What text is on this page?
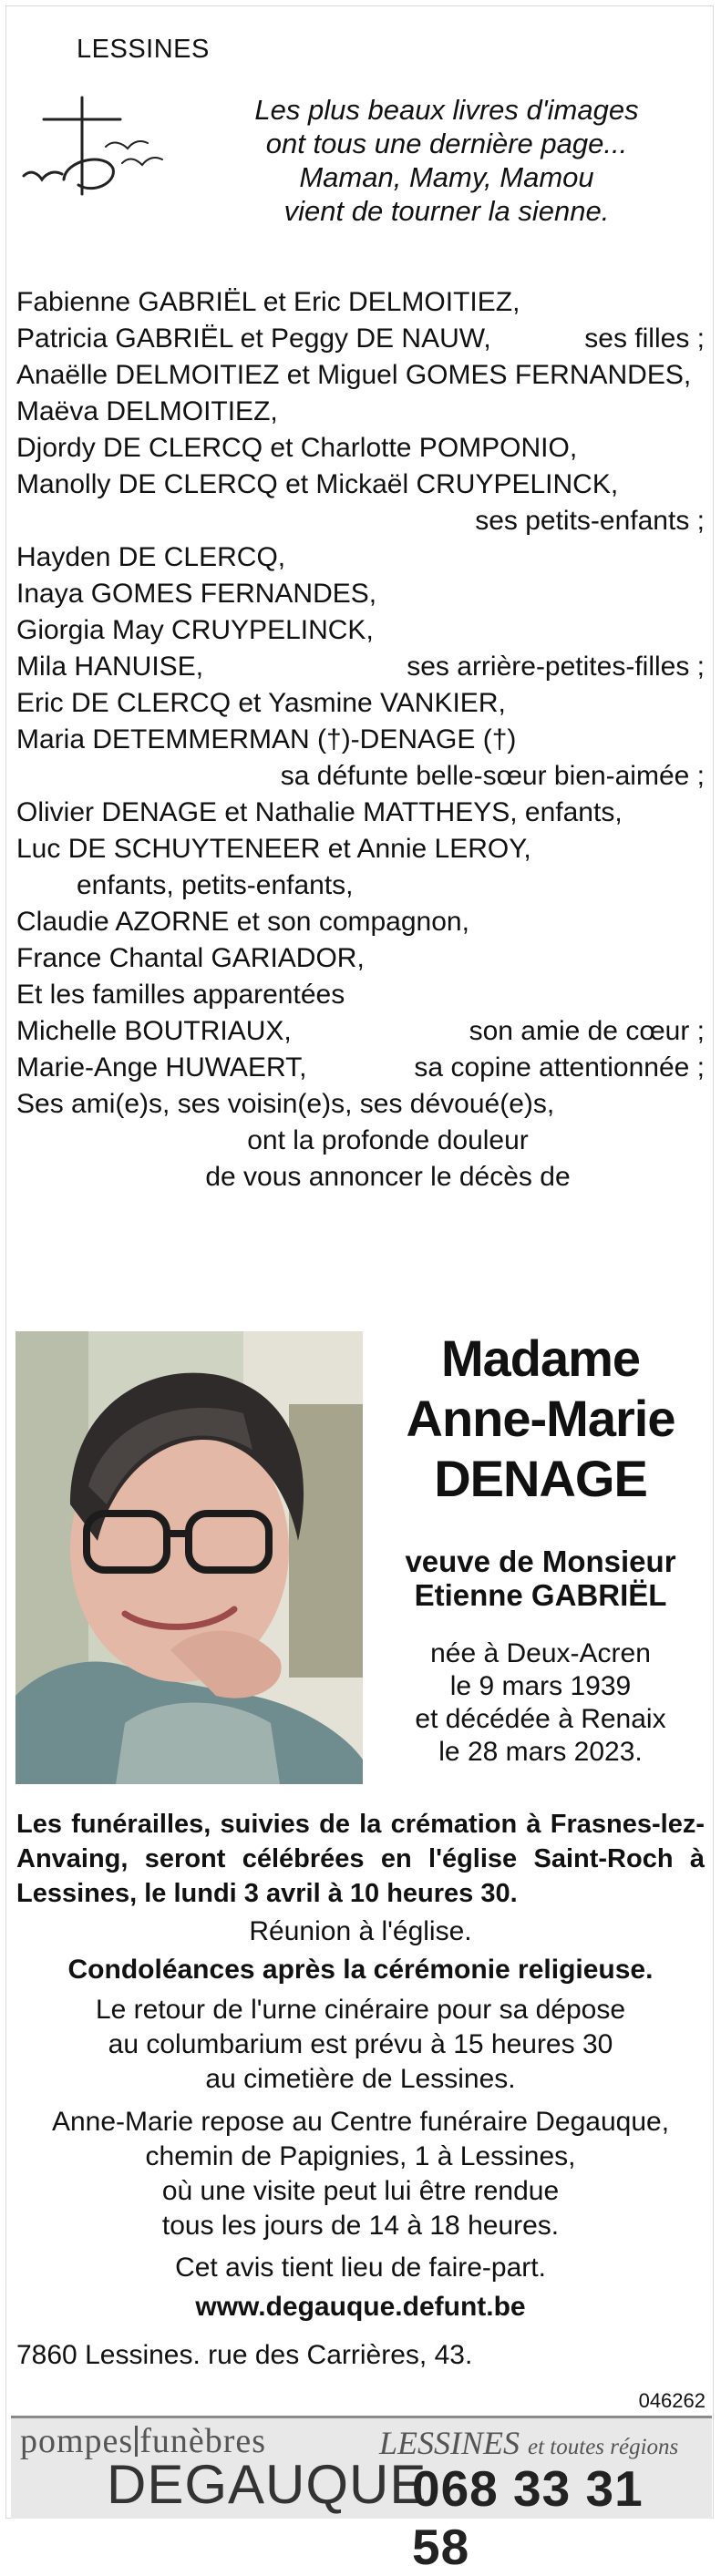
LESSINES
Les plus beaux livres d'images
ont tous une dernière page...
Maman, Mamy, Mamou
vient de tourner la sienne.
Fabienne GABRIËL et Eric DELMOITIEZ,
Patricia GABRIËL et Peggy DE NAUW,	ses filles ;
Anaëlle DELMOITIEZ et Miguel GOMES FERNANDES,
Maëva DELMOITIEZ,
Djordy DE CLERCQ et Charlotte POMPONIO,
Manolly DE CLERCQ et Mickaël CRUYPELINCK,
ses petits-enfants ;
Hayden DE CLERCQ,
Inaya GOMES FERNANDES,
Giorgia May CRUYPELINCK,
Mila HANUISE,	ses arrière-petites-filles ;
Eric DE CLERCQ et Yasmine VANKIER,
Maria DETEMMERMAN (†)-DENAGE (†)
sa défunte belle-sœur bien-aimée ;
Olivier DENAGE et Nathalie MATTHEYS, enfants,
Luc DE SCHUYTENEER et Annie LEROY,
enfants, petits-enfants,
Claudie AZORNE et son compagnon,
France Chantal GARIADOR,
Et les familles apparentées
Michelle BOUTRIAUX,	son amie de cœur ;
Marie-Ange HUWAERT,	sa copine attentionnée ;
Ses ami(e)s, ses voisin(e)s, ses dévoué(e)s,
ont la profonde douleur
de vous annoncer le décès de
Madame
Anne-Marie
DENAGE
veuve de Monsieur
Etienne GABRIËL
née à Deux-Acren
le 9 mars 1939
et décédée à Renaix
le 28 mars 2023.
Les funérailles, suivies de la crémation à Frasnes-lez-Anvaing, seront célébrées en l'église Saint-Roch à Lessines, le lundi 3 avril à 10 heures 30.
Réunion à l'église.
Condoléances après la cérémonie religieuse.
Le retour de l'urne cinéraire pour sa dépose
au columbarium est prévu à 15 heures 30
au cimetière de Lessines.
Anne-Marie repose au Centre funéraire Degauque,
chemin de Papignies, 1 à Lessines,
où une visite peut lui être rendue
tous les jours de 14 à 18 heures.
Cet avis tient lieu de faire-part.
www.degauque.defunt.be
7860 Lessines. rue des Carrières, 43.
046262
pompes funèbres
DEGAUQUE
LESSINES et toutes régions
068 33 31 58
